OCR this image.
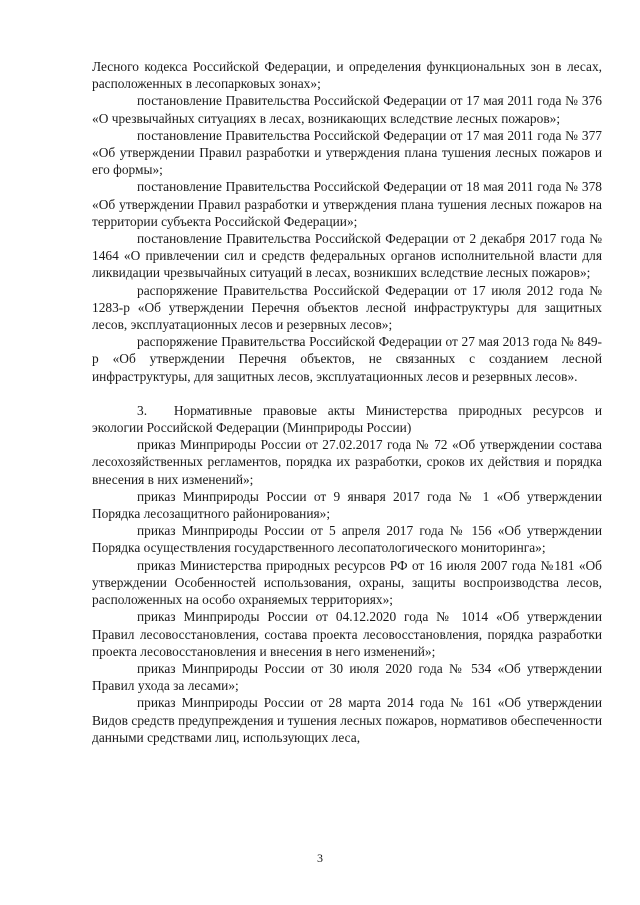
Лесного кодекса Российской Федерации, и определения функциональных зон в лесах, расположенных в лесопарковых зонах»;

постановление Правительства Российской Федерации от 17 мая 2011 года № 376 «О чрезвычайных ситуациях в лесах, возникающих вследствие лесных пожаров»;

постановление Правительства Российской Федерации от 17 мая 2011 года № 377 «Об утверждении Правил разработки и утверждения плана тушения лесных пожаров и его формы»;

постановление Правительства Российской Федерации от 18 мая 2011 года № 378 «Об утверждении Правил разработки и утверждения плана тушения лесных пожаров на территории субъекта Российской Федерации»;

постановление Правительства Российской Федерации от 2 декабря 2017 года № 1464 «О привлечении сил и средств федеральных органов исполнительной власти для ликвидации чрезвычайных ситуаций в лесах, возникших вследствие лесных пожаров»;

распоряжение Правительства Российской Федерации от 17 июля 2012 года № 1283-р «Об утверждении Перечня объектов лесной инфраструктуры для защитных лесов, эксплуатационных лесов и резервных лесов»;

распоряжение Правительства Российской Федерации от 27 мая 2013 года № 849-р «Об утверждении Перечня объектов, не связанных с созданием лесной инфраструктуры, для защитных лесов, эксплуатационных лесов и резервных лесов».

3.  Нормативные правовые акты Министерства природных ресурсов и экологии Российской Федерации (Минприроды России)

приказ Минприроды России от 27.02.2017 года № 72 «Об утверждении состава лесохозяйственных регламентов, порядка их разработки, сроков их действия и порядка внесения в них изменений»;

приказ Минприроды России от 9 января 2017 года № 1 «Об утверждении Порядка лесозащитного районирования»;

приказ Минприроды России от 5 апреля 2017 года № 156 «Об утверждении Порядка осуществления государственного лесопатологического мониторинга»;

приказ Министерства природных ресурсов РФ от 16 июля 2007 года №181 «Об утверждении Особенностей использования, охраны, защиты воспроизводства лесов, расположенных на особо охраняемых территориях»;

приказ Минприроды России от 04.12.2020 года № 1014 «Об утверждении Правил лесовосстановления, состава проекта лесовосстановления, порядка разработки проекта лесовосстановления и внесения в него изменений»;

приказ Минприроды России от 30 июля 2020 года № 534 «Об утверждении Правил ухода за лесами»;

приказ Минприроды России от 28 марта 2014 года № 161 «Об утверждении Видов средств предупреждения и тушения лесных пожаров, нормативов обеспеченности данными средствами лиц, использующих леса,

3
